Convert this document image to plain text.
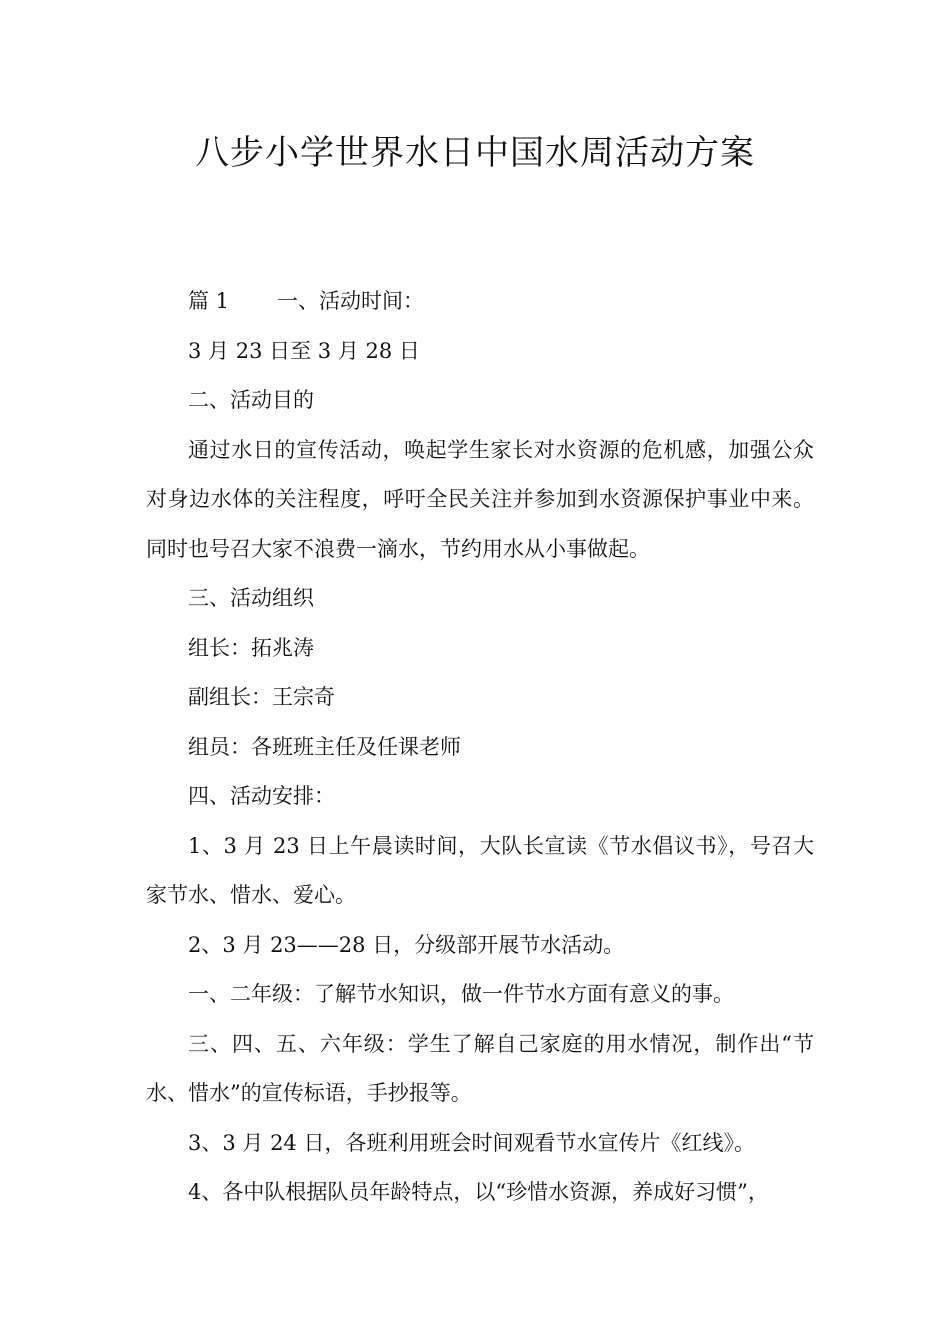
八步小学世界水日中国水周活动方案

篇 1 一、活动时间：

3 月 23 日至 3 月 28 日

二、活动目的

通过水日的宣传活动，唤起学生家长对水资源的危机感，加强公众对身边水体的关注程度，呼吁全民关注并参加到水资源保护事业中来。同时也号召大家不浪费一滴水，节约用水从小事做起。

三、活动组织

组长：拓兆涛

副组长：王宗奇

组员：各班班主任及任课老师

四、活动安排：

1、3 月 23 日上午晨读时间，大队长宣读《节水倡议书》，号召大家节水、惜水、爱心。

2、3 月 23——28 日，分级部开展节水活动。

一、二年级：了解节水知识，做一件节水方面有意义的事。

三、四、五、六年级：学生了解自己家庭的用水情况，制作出“节水、惜水”的宣传标语，手抄报等。

3、3 月 24 日，各班利用班会时间观看节水宣传片《红线》。

4、各中队根据队员年龄特点，以“珍惜水资源，养成好习惯”，
